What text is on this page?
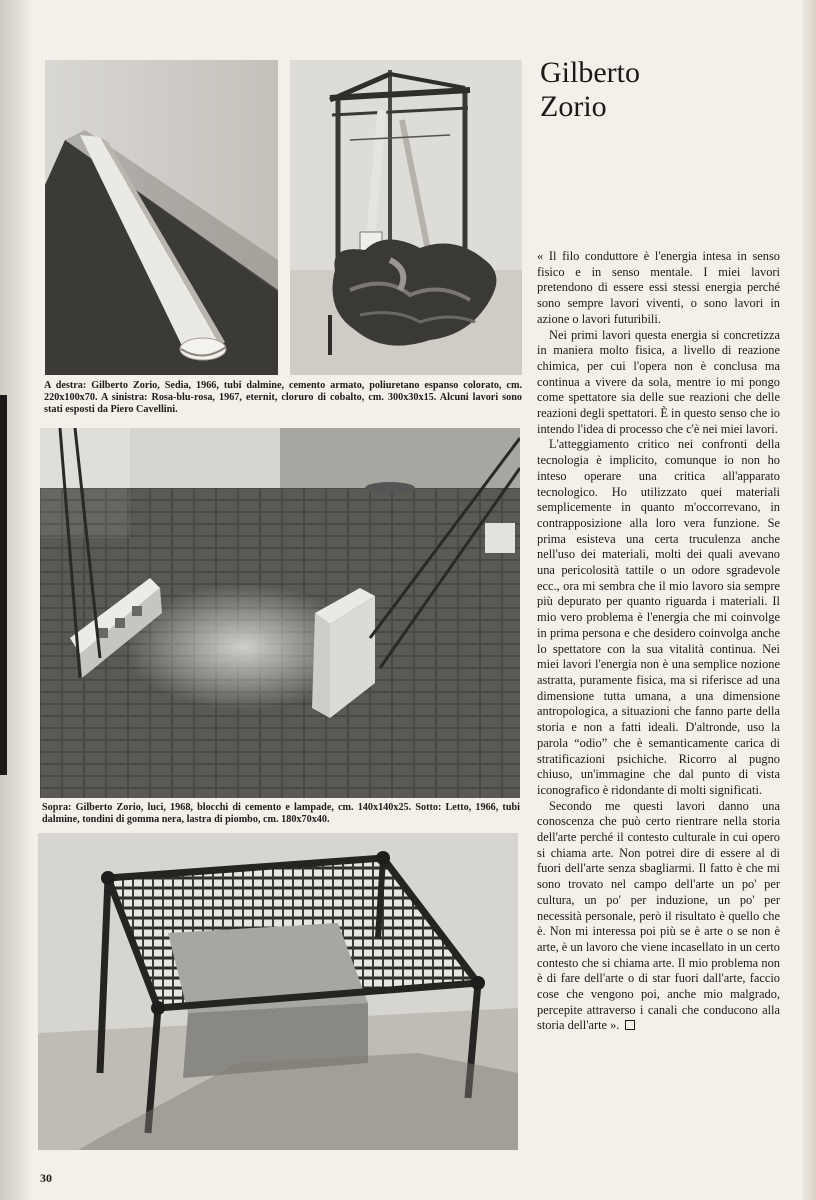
A destra: Gilberto Zorio, Sedia, 1966, tubi dalmine, cemento armato, poliuretano espanso colorato, cm. 220x100x70. A sinistra: Rosa-blu-rosa, 1967, eternit, cloruro di cobalto, cm. 300x30x15. Alcuni lavori sono stati esposti da Piero Cavellini.
Sopra: Gilberto Zorio, luci, 1968, blocchi di cemento e lampade, cm. 140x140x25. Sotto: Letto, 1966, tubi dalmine, tondini di gomma nera, lastra di piombo, cm. 180x70x40.
Gilberto
Zorio

« Il filo conduttore è l'energia intesa in senso fisico e in senso mentale. I miei lavori pretendono di essere essi stessi energia perché sono sempre lavori viventi, o sono lavori in azione o lavori futuribili.

Nei primi lavori questa energia si concretizza in maniera molto fisica, a livello di reazione chimica, per cui l'opera non è conclusa ma continua a vivere da sola, mentre io mi pongo come spettatore sia delle sue reazioni che delle reazioni degli spettatori. È in questo senso che io intendo l'idea di processo che c'è nei miei lavori.

L'atteggiamento critico nei confronti della tecnologia è implicito, comunque io non ho inteso operare una critica all'apparato tecnologico. Ho utilizzato quei materiali semplicemente in quanto m'occorrevano, in contrapposizione alla loro vera funzione. Se prima esisteva una certa truculenza anche nell'uso dei materiali, molti dei quali avevano una pericolosità tattile o un odore sgradevole ecc., ora mi sembra che il mio lavoro sia sempre più depurato per quanto riguarda i materiali. Il mio vero problema è l'energia che mi coinvolge in prima persona e che desidero coinvolga anche lo spettatore con la sua vitalità continua. Nei miei lavori l'energia non è una semplice nozione astratta, puramente fisica, ma si riferisce ad una dimensione tutta umana, a una dimensione antropologica, a situazioni che fanno parte della storia e non a fatti ideali. D'altronde, uso la parola “odio” che è semanticamente carica di stratificazioni psichiche. Ricorro al pugno chiuso, un'immagine che dal punto di vista iconografico è ridondante di molti significati.

Secondo me questi lavori danno una conoscenza che può certo rientrare nella storia dell'arte perché il contesto culturale in cui opero si chiama arte. Non potrei dire di essere al di fuori dell'arte senza sbagliarmi. Il fatto è che mi sono trovato nel campo dell'arte un po' per cultura, un po' per induzione, un po' per necessità personale, però il risultato è quello che è. Non mi interessa poi più se è arte o se non è arte, è un lavoro che viene incasellato in un certo contesto che si chiama arte. Il mio problema non è di fare dell'arte o di star fuori dall'arte, faccio cose che vengono poi, anche mio malgrado, percepite attraverso i canali che conducono alla storia dell'arte ».

30
